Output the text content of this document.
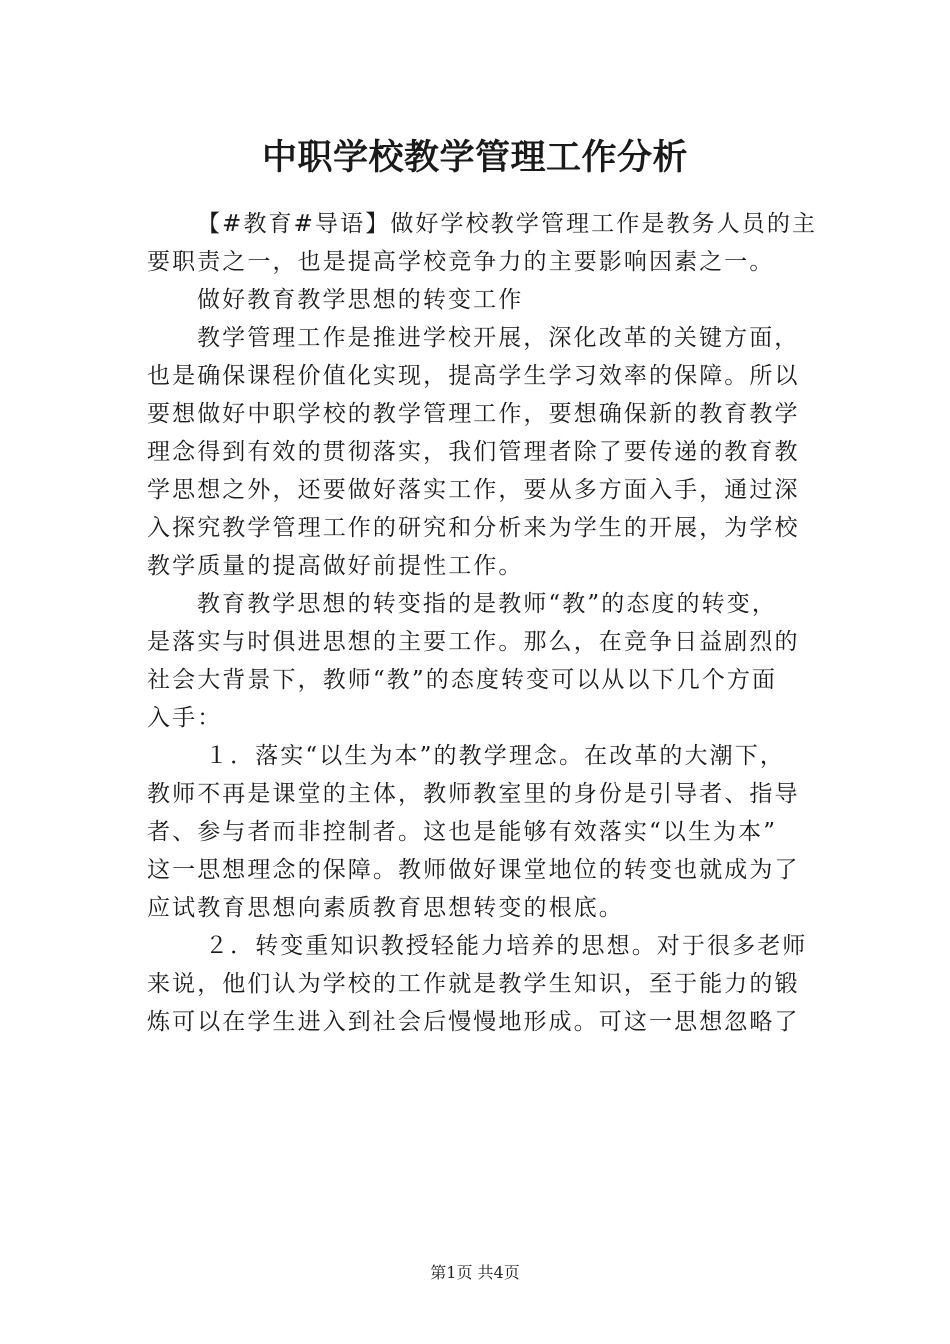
中职学校教学管理工作分析

【#教育#导语】做好学校教学管理工作是教务人员的主
要职责之一，也是提高学校竞争力的主要影响因素之一。

做好教育教学思想的转变工作

教学管理工作是推进学校开展，深化改革的关键方面，
也是确保课程价值化实现，提高学生学习效率的保障。所以
要想做好中职学校的教学管理工作，要想确保新的教育教学
理念得到有效的贯彻落实，我们管理者除了要传递的教育教
学思想之外，还要做好落实工作，要从多方面入手，通过深
入探究教学管理工作的研究和分析来为学生的开展，为学校
教学质量的提高做好前提性工作。

教育教学思想的转变指的是教师“教”的态度的转变，
是落实与时俱进思想的主要工作。那么，在竞争日益剧烈的
社会大背景下，教师“教”的态度转变可以从以下几个方面
入手：

１．落实“以生为本”的教学理念。在改革的大潮下，
教师不再是课堂的主体，教师教室里的身份是引导者、指导
者、参与者而非控制者。这也是能够有效落实“以生为本”
这一思想理念的保障。教师做好课堂地位的转变也就成为了
应试教育思想向素质教育思想转变的根底。

２．转变重知识教授轻能力培养的思想。对于很多老师
来说，他们认为学校的工作就是教学生知识，至于能力的锻
炼可以在学生进入到社会后慢慢地形成。可这一思想忽略了

第1页 共4页
